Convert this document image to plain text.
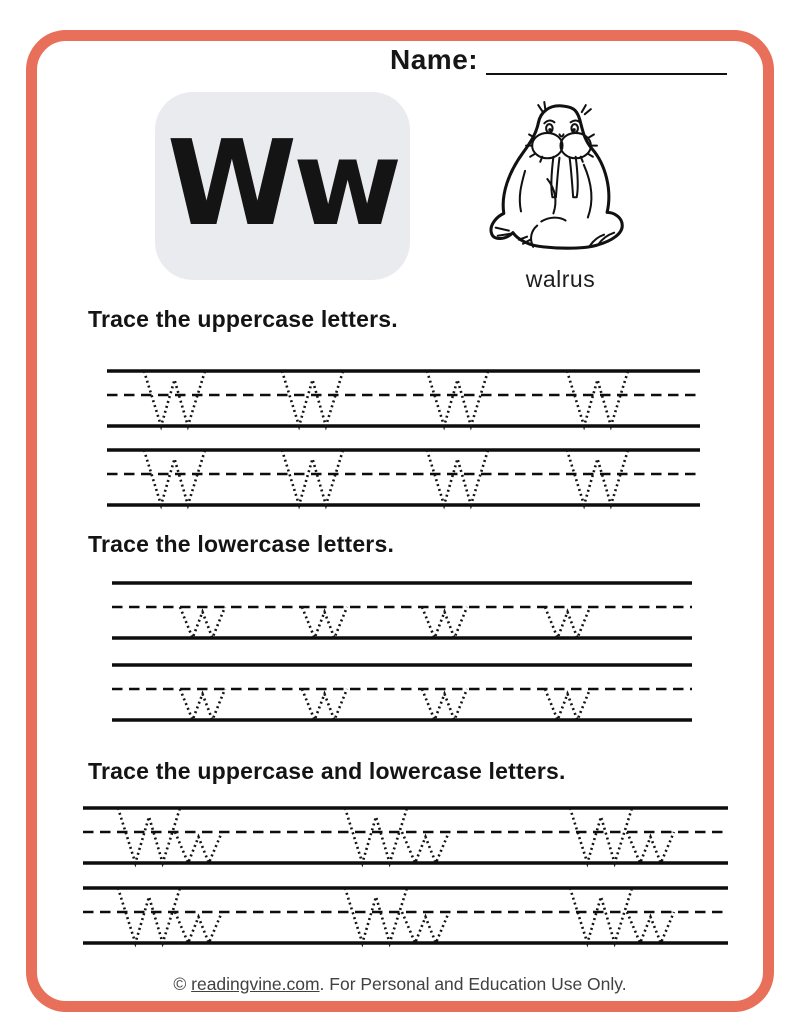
Name:
Ww
walrus
Trace the uppercase letters.
Trace the lowercase letters.
Trace the uppercase and lowercase letters.
© readingvine.com. For Personal and Education Use Only.
